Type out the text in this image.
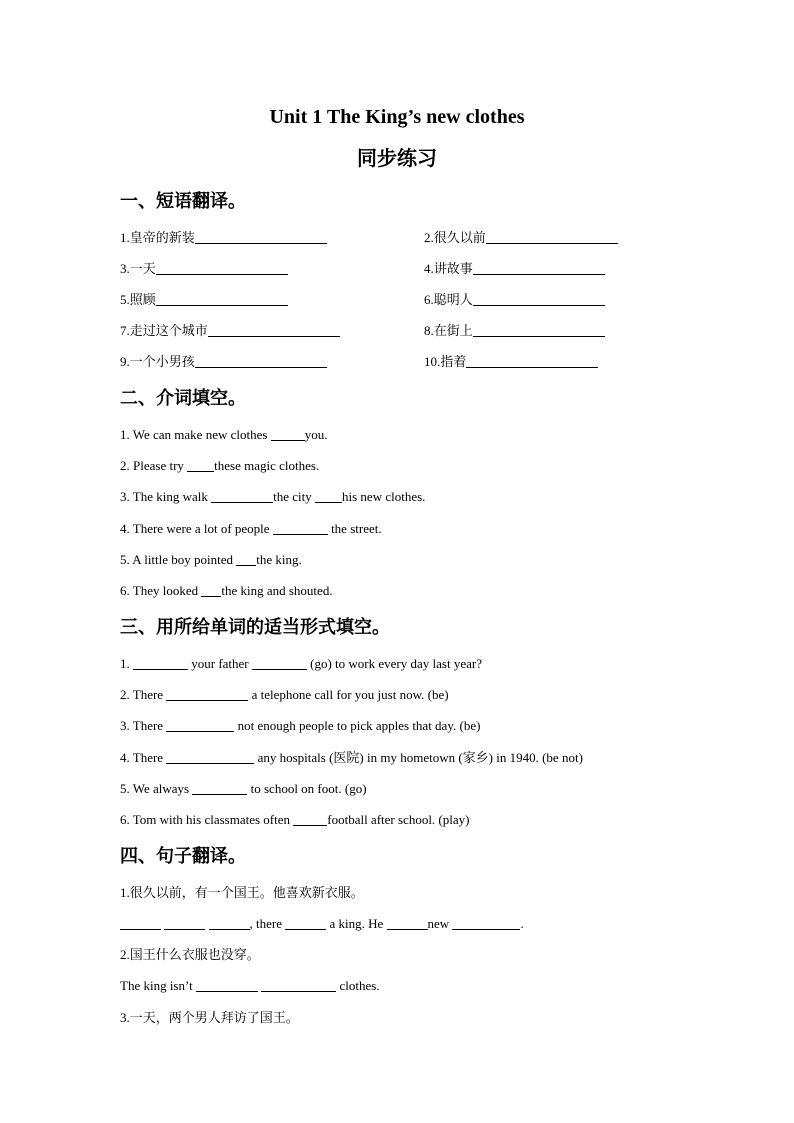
Unit 1 The King’s new clothes
同步练习
一、短语翻译。
1.皇帝的新装	2.很久以前
3.一天	4.讲故事
5.照顾	6.聪明人
7.走过这个城市	8.在街上
9.一个小男孩	10.指着
二、介词填空。
1. We can make new clothes	you.
2. Please try these magic clothes.
3. The king walk	the city his new clothes.
4. There were a lot of people	the street.
5. A little boy pointed the king.
6. They looked the king and shouted.
三、用所给单词的适当形式填空。
1.	your father	(go) to work every day last year?
2. There	a telephone call for you just now. (be)
3. There	not enough people to pick apples that day. (be)
4. There	any hospitals (医院) in my hometown (家乡) in 1940. (be not)
5. We always	to school on foot. (go)
6. Tom with his classmates often	football after school. (play)
四、句子翻译。
1.很久以前，有一个国王。他喜欢新衣服。
, there	a king. He	new	.
2.国王什么衣服也没穿。
The king isn’t	clothes.
3.一天，两个男人拜访了国王。
